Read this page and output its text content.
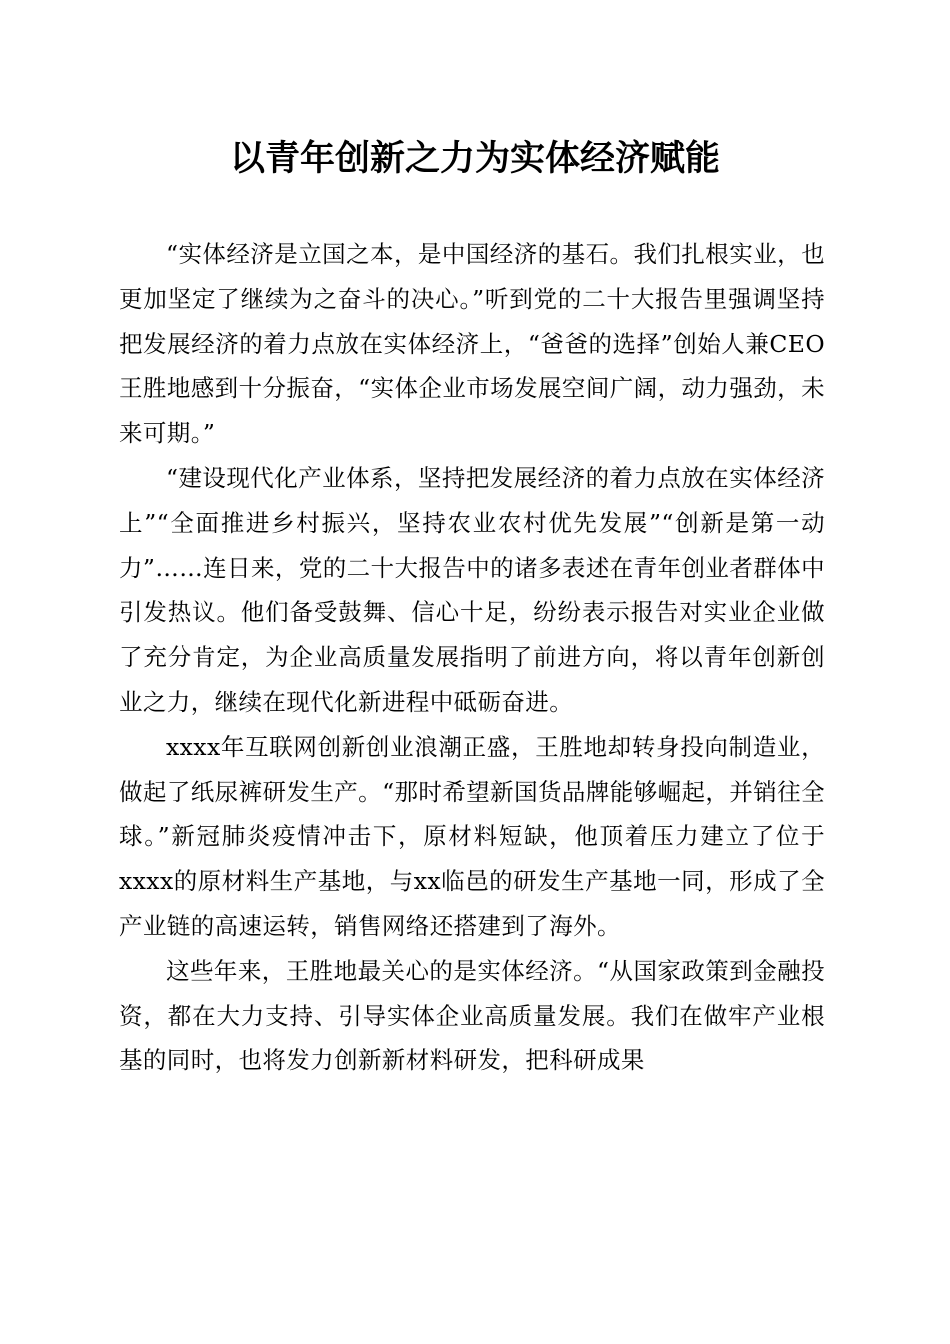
以青年创新之力为实体经济赋能

“实体经济是立国之本，是中国经济的基石。我们扎根实业，也更加坚定了继续为之奋斗的决心。”听到党的二十大报告里强调坚持把发展经济的着力点放在实体经济上，“爸爸的选择”创始人兼CEO王胜地感到十分振奋，“实体企业市场发展空间广阔，动力强劲，未来可期。”

“建设现代化产业体系，坚持把发展经济的着力点放在实体经济上”“全面推进乡村振兴，坚持农业农村优先发展”“创新是第一动力”……连日来，党的二十大报告中的诸多表述在青年创业者群体中引发热议。他们备受鼓舞、信心十足，纷纷表示报告对实业企业做了充分肯定，为企业高质量发展指明了前进方向，将以青年创新创业之力，继续在现代化新进程中砥砺奋进。

xxxx年互联网创新创业浪潮正盛，王胜地却转身投向制造业，做起了纸尿裤研发生产。“那时希望新国货品牌能够崛起，并销往全球。”新冠肺炎疫情冲击下，原材料短缺，他顶着压力建立了位于xxxx的原材料生产基地，与xx临邑的研发生产基地一同，形成了全产业链的高速运转，销售网络还搭建到了海外。

这些年来，王胜地最关心的是实体经济。“从国家政策到金融投资，都在大力支持、引导实体企业高质量发展。我们在做牢产业根基的同时，也将发力创新新材料研发，把科研成果
